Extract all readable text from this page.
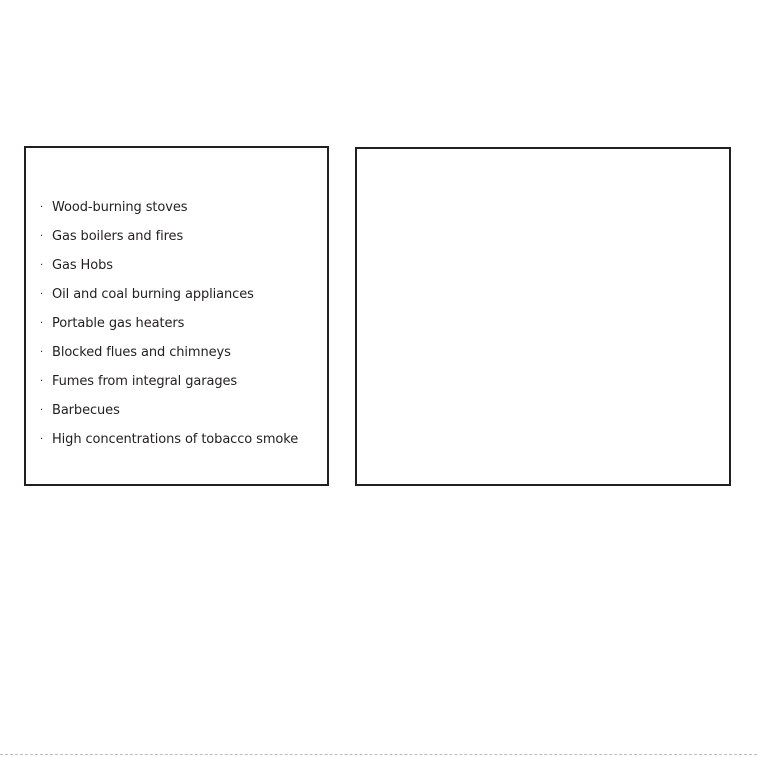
· Wood-burning stoves
· Gas boilers and fires
· Gas Hobs
· Oil and coal burning appliances
· Portable gas heaters
· Blocked flues and chimneys
· Fumes from integral garages
· Barbecues
· High concentrations of tobacco smoke
